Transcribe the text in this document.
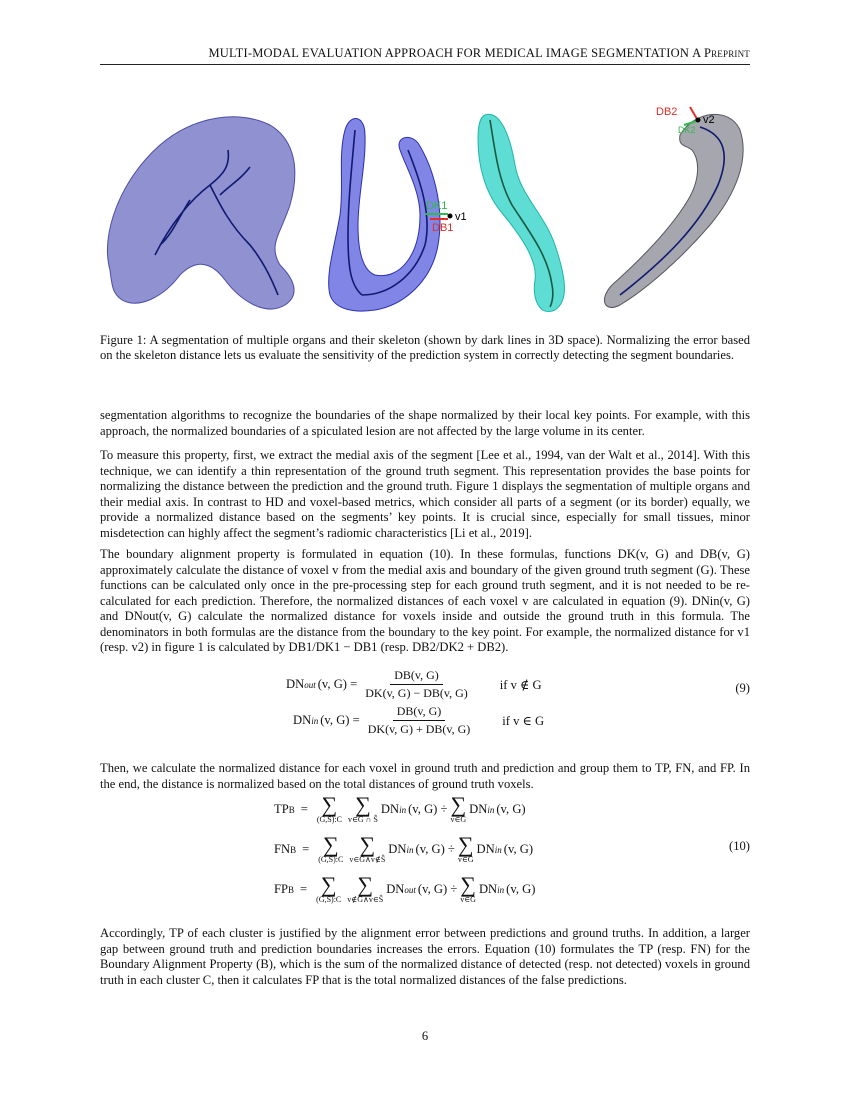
MULTI-MODAL EVALUATION APPROACH FOR MEDICAL IMAGE SEGMENTATION A Preprint
DK1
DB1
v1
DB2
DK2
v2
Figure 1: A segmentation of multiple organs and their skeleton (shown by dark lines in 3D space). Normalizing the error based on the skeleton distance lets us evaluate the sensitivity of the prediction system in correctly detecting the segment boundaries.

segmentation algorithms to recognize the boundaries of the shape normalized by their local key points. For example, with this approach, the normalized boundaries of a spiculated lesion are not affected by the large volume in its center.

To measure this property, first, we extract the medial axis of the segment [Lee et al., 1994, van der Walt et al., 2014]. With this technique, we can identify a thin representation of the ground truth segment. This representation provides the base points for normalizing the distance between the prediction and the ground truth. Figure 1 displays the segmentation of multiple organs and their medial axis. In contrast to HD and voxel-based metrics, which consider all parts of a segment (or its border) equally, we provide a normalized distance based on the segments’ key points. It is crucial since, especially for small tissues, minor misdetection can highly affect the segment’s radiomic characteristics [Li et al., 2019].

The boundary alignment property is formulated in equation (10). In these formulas, functions DK(v, G) and DB(v, G) approximately calculate the distance of voxel v from the medial axis and boundary of the given ground truth segment (G). These functions can be calculated only once in the pre-processing step for each ground truth segment, and it is not needed to be re-calculated for each prediction. Therefore, the normalized distances of each voxel v are calculated in equation (9). DNin(v, G) and DNout(v, G) calculate the normalized distance for voxels inside and outside the ground truth in this formula. The denominators in both formulas are the distance from the boundary to the key point. For example, the normalized distance for v1 (resp. v2) in figure 1 is calculated by DB1/DK1 − DB1 (resp. DB2/DK2 + DB2).

DN out (v, $G) = \frac{DB(v, G)}{DK(v, G) - DB(v, G)}$ if v ∉ G
DN in (v, $G) = \frac{DB(v, G)}{DK(v, G) + DB(v, G)}$ if v ∈ G
(9)

Then, we calculate the normalized distance for each voxel in ground truth and prediction and group them to TP, FN, and FP. In the end, the distance is normalized based on the total distances of ground truth voxels.

TP B = ∑
(G,Ŝ):C
∑
v∈G ∩ Ŝ
DN in (v, G) ÷ ∑
v∈G
DN in (v, G)
FN B = ∑
(G,Ŝ):C
∑
v∈G∧v∉Ŝ
DN in (v, G) ÷ ∑
v∈G
DN in (v, G)
FP B = ∑
(G,Ŝ):C
∑
v∉G∧v∈Ŝ
DN out (v, G) ÷ ∑
v∈G
DN in (v, G)
(10)

Accordingly, TP of each cluster is justified by the alignment error between predictions and ground truths. In addition, a larger gap between ground truth and prediction boundaries increases the errors. Equation (10) formulates the TP (resp. FN) for the Boundary Alignment Property (B), which is the sum of the normalized distance of detected (resp. not detected) voxels in ground truth in each cluster C, then it calculates FP that is the total normalized distances of the false predictions.

6
